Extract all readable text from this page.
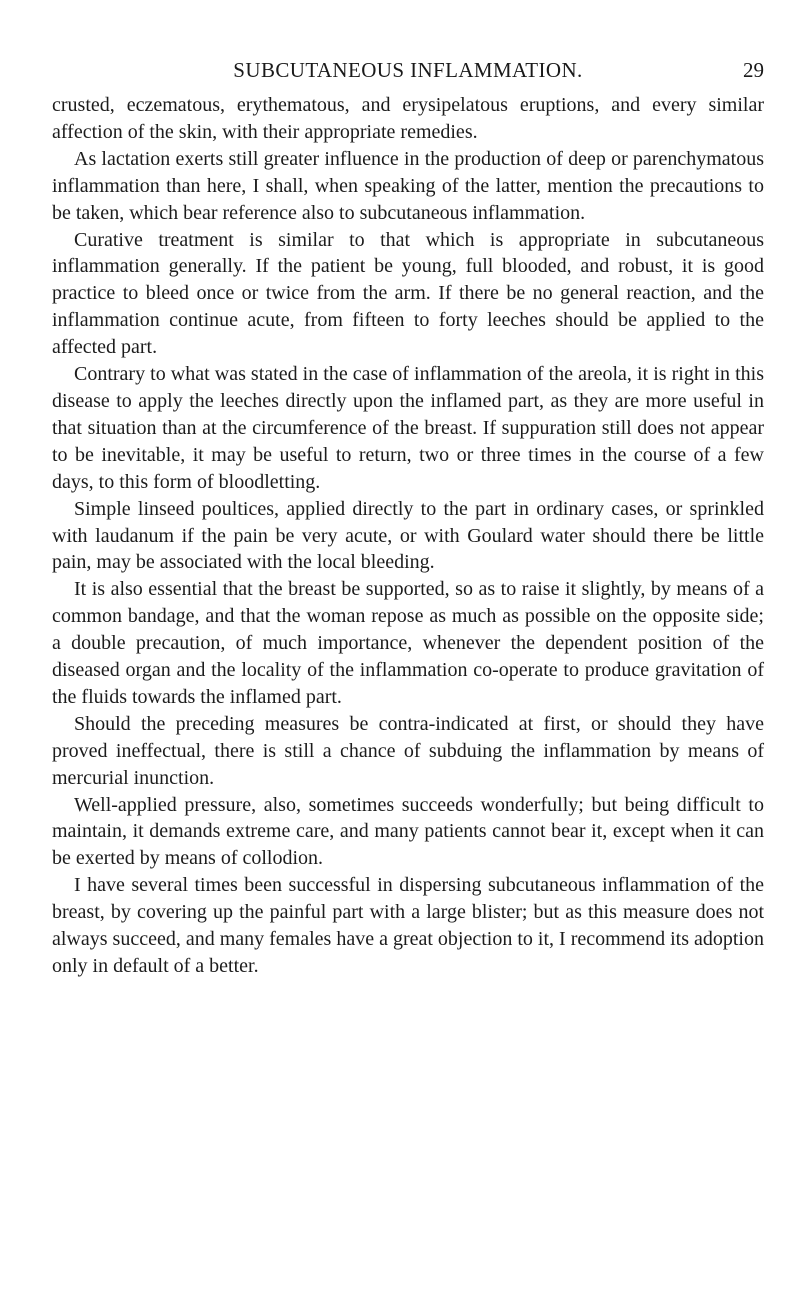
SUBCUTANEOUS INFLAMMATION.	29

crusted, eczematous, erythematous, and erysipelatous eruptions, and every similar affection of the skin, with their appropriate remedies.

As lactation exerts still greater influence in the production of deep or parenchymatous inflammation than here, I shall, when speaking of the latter, mention the precautions to be taken, which bear reference also to subcutaneous inflammation.

Curative treatment is similar to that which is appropriate in subcutaneous inflammation generally. If the patient be young, full blooded, and robust, it is good practice to bleed once or twice from the arm. If there be no general reaction, and the inflammation continue acute, from fifteen to forty leeches should be applied to the affected part.

Contrary to what was stated in the case of inflammation of the areola, it is right in this disease to apply the leeches directly upon the inflamed part, as they are more useful in that situation than at the circumference of the breast. If suppuration still does not appear to be inevitable, it may be useful to return, two or three times in the course of a few days, to this form of bloodletting.

Simple linseed poultices, applied directly to the part in ordinary cases, or sprinkled with laudanum if the pain be very acute, or with Goulard water should there be little pain, may be associated with the local bleeding.

It is also essential that the breast be supported, so as to raise it slightly, by means of a common bandage, and that the woman repose as much as possible on the opposite side; a double precaution, of much importance, whenever the dependent position of the diseased organ and the locality of the inflammation co-operate to produce gravitation of the fluids towards the inflamed part.

Should the preceding measures be contra-indicated at first, or should they have proved ineffectual, there is still a chance of subduing the inflammation by means of mercurial inunction.

Well-applied pressure, also, sometimes succeeds wonderfully; but being difficult to maintain, it demands extreme care, and many patients cannot bear it, except when it can be exerted by means of collodion.

I have several times been successful in dispersing subcutaneous inflammation of the breast, by covering up the painful part with a large blister; but as this measure does not always succeed, and many females have a great objection to it, I recommend its adoption only in default of a better.
